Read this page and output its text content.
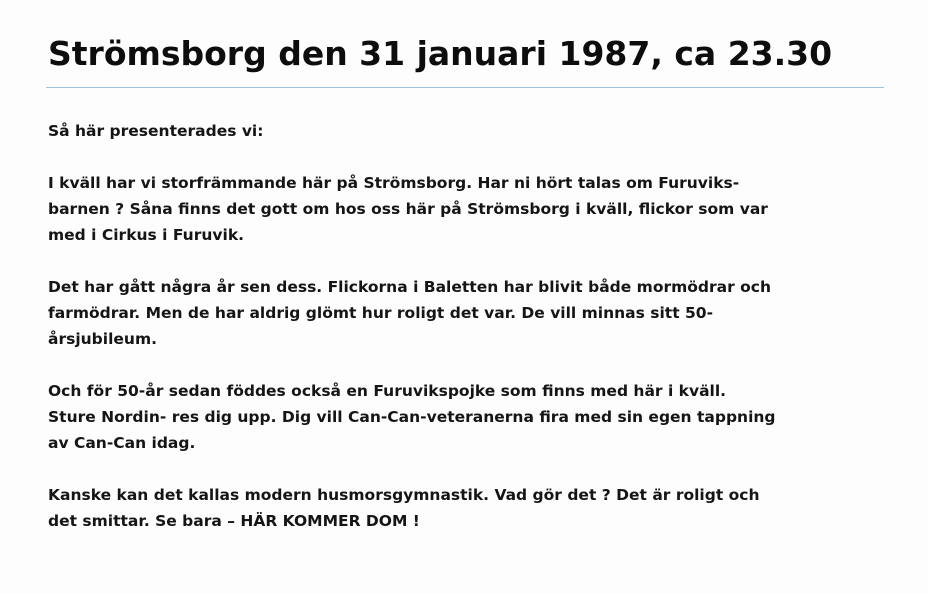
Strömsborg den 31 januari 1987, ca 23.30

Så här presenterades vi:

I kväll har vi storfrämmande här på Strömsborg. Har ni hört talas om Furuviks-
barnen ? Såna finns det gott om hos oss här på Strömsborg i kväll, flickor som var
med i Cirkus i Furuvik.

Det har gått några år sen dess. Flickorna i Baletten har blivit både mormödrar och
farmödrar. Men de har aldrig glömt hur roligt det var. De vill minnas sitt 50-
årsjubileum.

Och för 50-år sedan föddes också en Furuvikspojke som finns med här i kväll.
Sture Nordin- res dig upp. Dig vill Can-Can-veteranerna fira med sin egen tappning
av Can-Can idag.

Kanske kan det kallas modern husmorsgymnastik. Vad gör det ? Det är roligt och
det smittar. Se bara – HÄR KOMMER DOM !
